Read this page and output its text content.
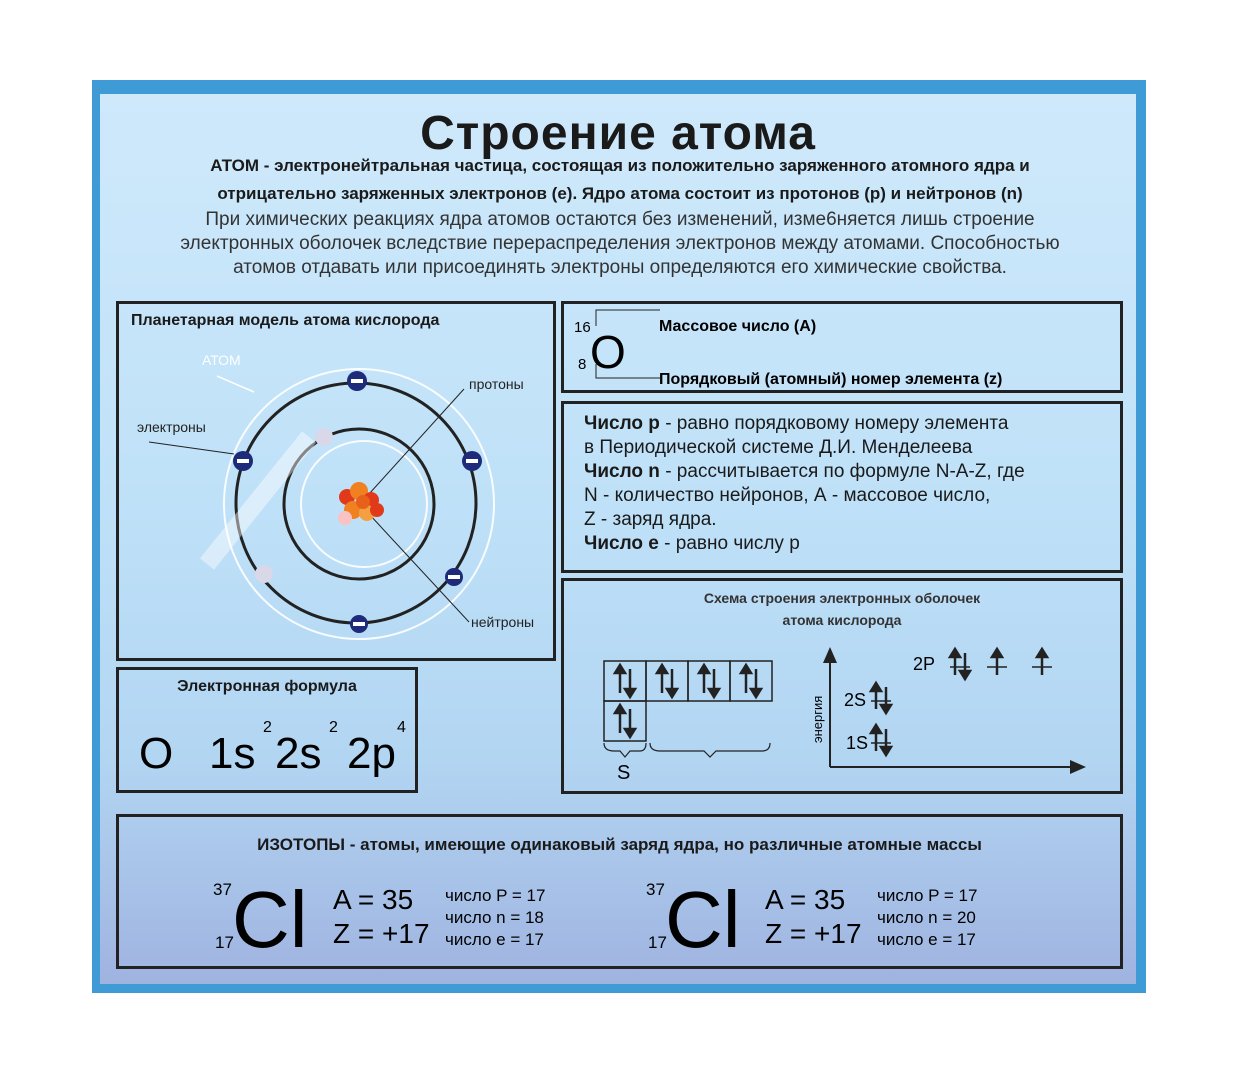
Строение атома
АТОМ - электронейтральная частица, состоящая из положительно заряженного атомного ядра и
отрицательно заряженных электронов (е). Ядро атома состоит из протонов (р) и нейтронов (n)
При химических реакциях ядра атомов остаются без изменений, изме6няется лишь строение
электронных оболочек вследствие перераспределения электронов между атомами. Способностью
атомов отдавать или присоединять электроны определяются его химические свойства.
Планетарная модель атома кислорода
АТОМ
электроны
протоны
нейтроны
16
8 O Массовое число (А)
Порядковый (атомный) номер элемента (z)
Число р - равно порядковому номеру элемента
в Периодической системе Д.И. Менделеева
Число n - рассчитывается по формуле N-A-Z, где
N - количество нейронов, А - массовое число,
Z - заряд ядра.
Число е - равно числу р
Электронная формула
O 1s
2
2s
2
2p
4
Схема строения электронных оболочек
атома кислорода
S
энергия
2P
2S
1S
ИЗОТОПЫ - атомы, имеющие одинаковый заряд ядра, но различные атомные массы
37
17
Cl A = 35
Z = +17
число P = 17
число n = 18
число е = 17
37
17
Cl A = 35
Z = +17
число P = 17
число n = 20
число е = 17
